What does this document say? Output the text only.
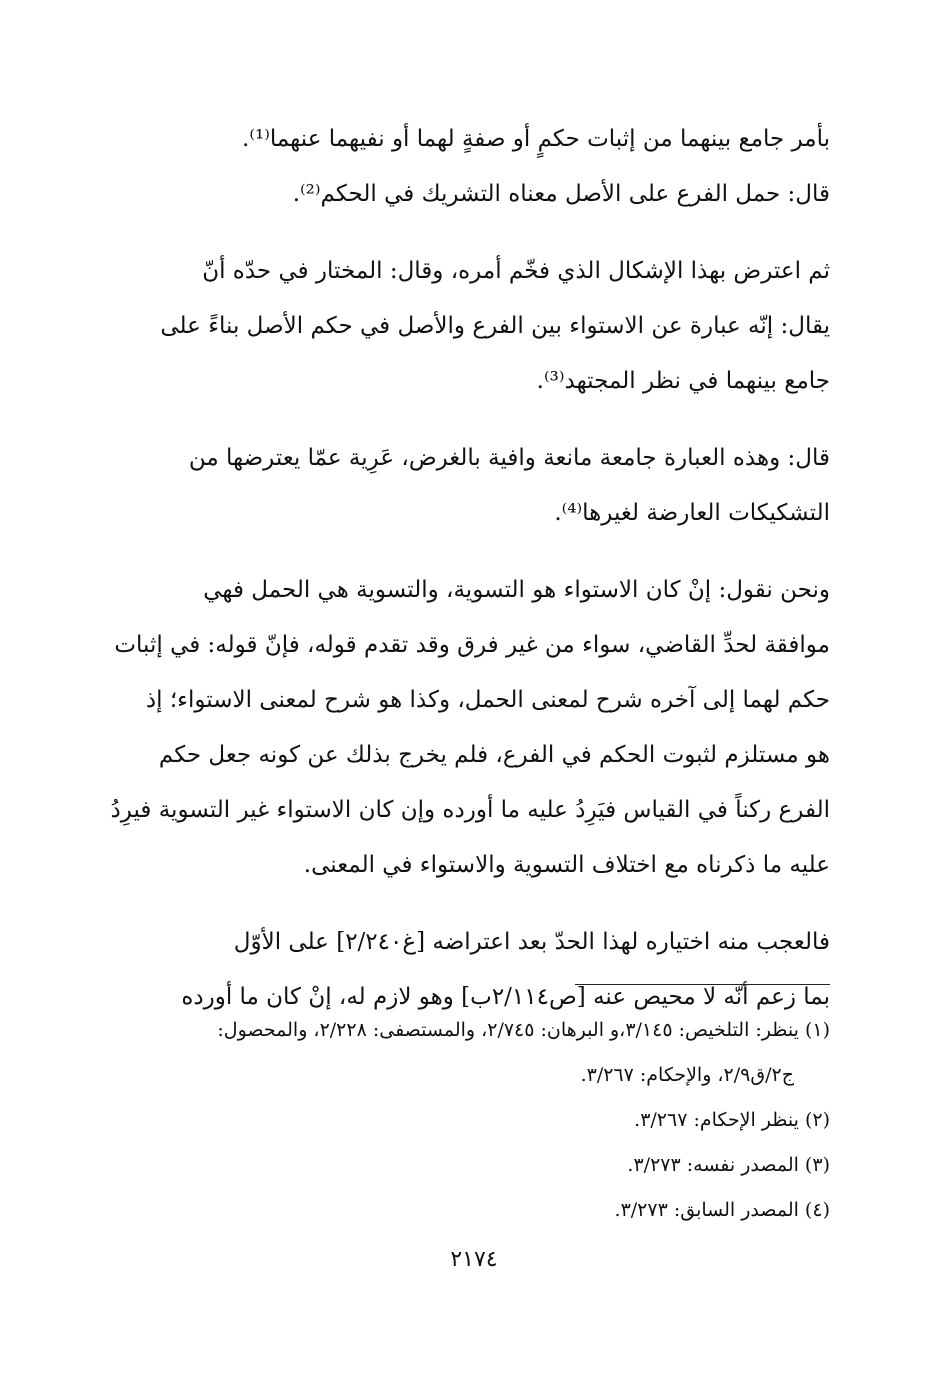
بأمر جامع بينهما من إثبات حكمٍ أو صفةٍ لهما أو نفيهما عنهما⁽¹⁾.
قال: حمل الفرع على الأصل معناه التشريك في الحكم⁽²⁾.
ثم اعترض بهذا الإشكال الذي فخّم أمره، وقال: المختار في حدّه أنّ
يقال: إنّه عبارة عن الاستواء بين الفرع والأصل في حكم الأصل بناءً على
جامع بينهما في نظر المجتهد⁽³⁾.
قال: وهذه العبارة جامعة مانعة وافية بالغرض، عَرِية عمّا يعترضها من
التشكيكات العارضة لغيرها⁽⁴⁾.
ونحن نقول: إنْ كان الاستواء هو التسوية، والتسوية هي الحمل فهي
موافقة لحدِّ القاضي، سواء من غير فرق وقد تقدم قوله، فإنّ قوله: في إثبات
حكم لهما إلى آخره شرح لمعنى الحمل، وكذا هو شرح لمعنى الاستواء؛ إذ
هو مستلزم لثبوت الحكم في الفرع، فلم يخرج بذلك عن كونه جعل حكم
الفرع ركناً في القياس فيَرِدُ عليه ما أورده وإن كان الاستواء غير التسوية فيرِدُ
عليه ما ذكرناه مع اختلاف التسوية والاستواء في المعنى.
فالعجب منه اختياره لهذا الحدّ بعد اعتراضه [غ٢/٢٤٠] على الأوّل
بما زعم أنّه لا محيص عنه [ص٢/١١٤ب] وهو لازم له، إنْ كان ما أورده
(١) ينظر: التلخيص: ٣/١٤٥،و البرهان: ٢/٧٤٥، والمستصفى: ٢/٢٢٨، والمحصول:
ج٢/ق٢/٩، والإحكام: ٣/٢٦٧.
(٢) ينظر الإحكام: ٣/٢٦٧.
(٣) المصدر نفسه: ٣/٢٧٣.
(٤) المصدر السابق: ٣/٢٧٣.
٢١٧٤
